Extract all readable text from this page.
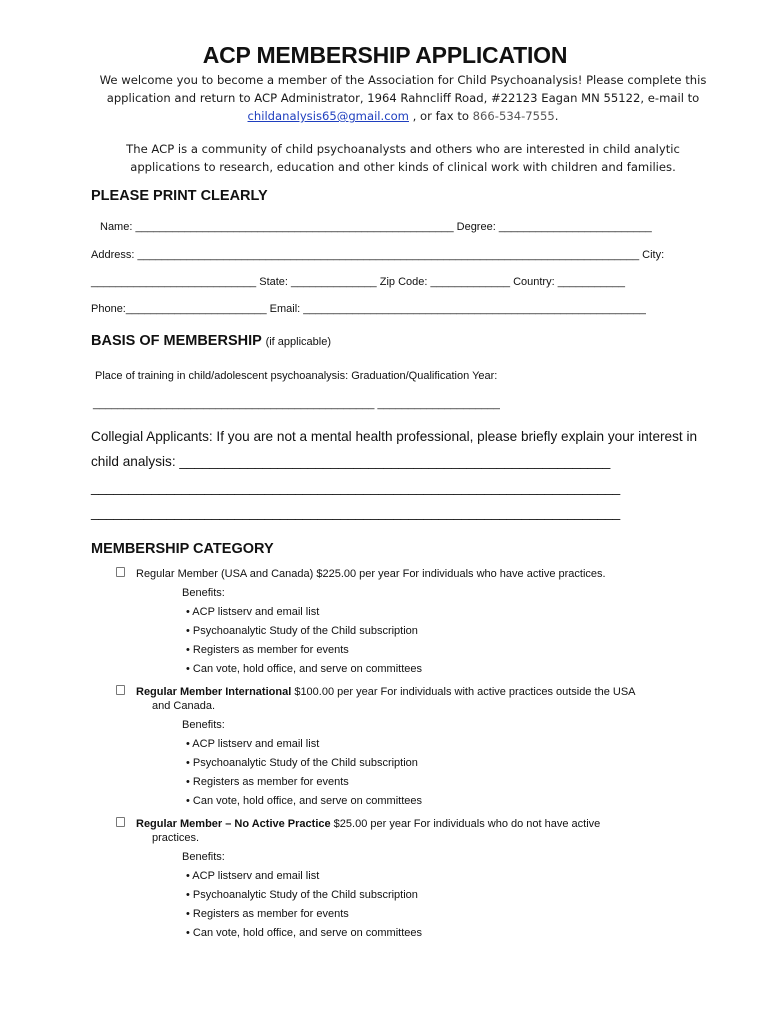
ACP MEMBERSHIP APPLICATION
We welcome you to become a member of the Association for Child Psychoanalysis! Please complete this
application and return to ACP Administrator, 1964 Rahncliff Road, #22123 Eagan MN 55122, e-mail to
childanalysis65@gmail.com , or fax to 866-534-7555.
The ACP is a community of child psychoanalysts and others who are interested in child analytic
applications to research, education and other kinds of clinical work with children and families.
PLEASE PRINT CLEARLY
Name: ____________________________________________________ Degree: _________________________
Address: __________________________________________________________________________________ City:
___________________________ State: ______________ Zip Code: _____________ Country: ___________
Phone:_______________________ Email: ________________________________________________________
BASIS OF MEMBERSHIP (if applicable)
Place of training in child/adolescent psychoanalysis: Graduation/Qualification Year:
______________________________________________ ____________________
Collegial Applicants: If you are not a mental health professional, please briefly explain your interest in
child analysis: _________________________________________________________
______________________________________________________________________
______________________________________________________________________
MEMBERSHIP CATEGORY
Regular Member (USA and Canada) $225.00 per year For individuals who have active practices.
Benefits:
• ACP listserv and email list
• Psychoanalytic Study of the Child subscription
• Registers as member for events
• Can vote, hold office, and serve on committees
Regular Member International $100.00 per year For individuals with active practices outside the USA
and Canada.
Benefits:
• ACP listserv and email list
• Psychoanalytic Study of the Child subscription
• Registers as member for events
• Can vote, hold office, and serve on committees
Regular Member – No Active Practice $25.00 per year For individuals who do not have active
practices.
Benefits:
• ACP listserv and email list
• Psychoanalytic Study of the Child subscription
• Registers as member for events
• Can vote, hold office, and serve on committees
